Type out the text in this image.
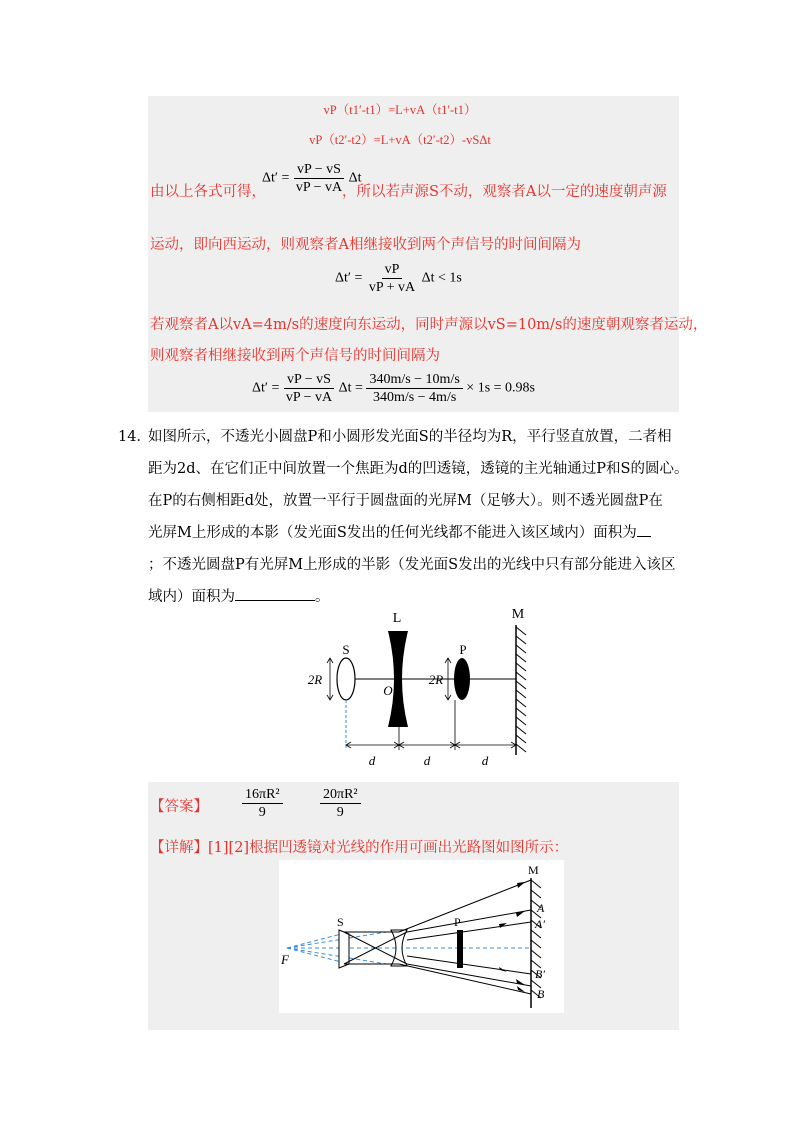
vP（t1′-t1）=L+vA（t1′-t1）
vP（t2′-t2）=L+vA（t2′-t2）-vSΔt
$\Delta t' = \frac{vP - vS}{vP - vA}$ Δt
由以上各式可得，	，所以若声源S不动，观察者A以一定的速度朝声源
运动，即向西运动，则观察者A相继接收到两个声信号的时间间隔为
$\Delta t' = \frac{vP}{vP + vA}$ Δt < 1s
若观察者A以vA=4m/s的速度向东运动，同时声源以vS=10m/s的速度朝观察者运动，
则观察者相继接收到两个声信号的时间间隔为
$\Delta t' = \frac{vP - vS}{vP - vA}$ $\Delta t = \frac{340m/s - 10m/s}{340m/s - 4m/s} \times 1s = 0.98s$
14．
如图所示，不透光小圆盘P和小圆形发光面S的半径均为R，平行竖直放置，二者相
距为2d、在它们正中间放置一个焦距为d的凹透镜，透镜的主光轴通过P和S的圆心。
在P的右侧相距d处，放置一平行于圆盘面的光屏M（足够大）。则不透光圆盘P在
光屏M上形成的本影（发光面S发出的任何光线都不能进入该区域内）面积为
；不透光圆盘P有光屏M上形成的半影（发光面S发出的光线中只有部分能进入该区
域内）面积为	。
L	M
S	P
O
2R	2R
d	d	d
【答案】 $\frac{\text{16πR²}}{9}$	$\frac{\text{20πR²}}{9}$
【详解】[1][2]根据凹透镜对光线的作用可画出光路图如图所示：
M
S	P
F
A
A′
B′
B
